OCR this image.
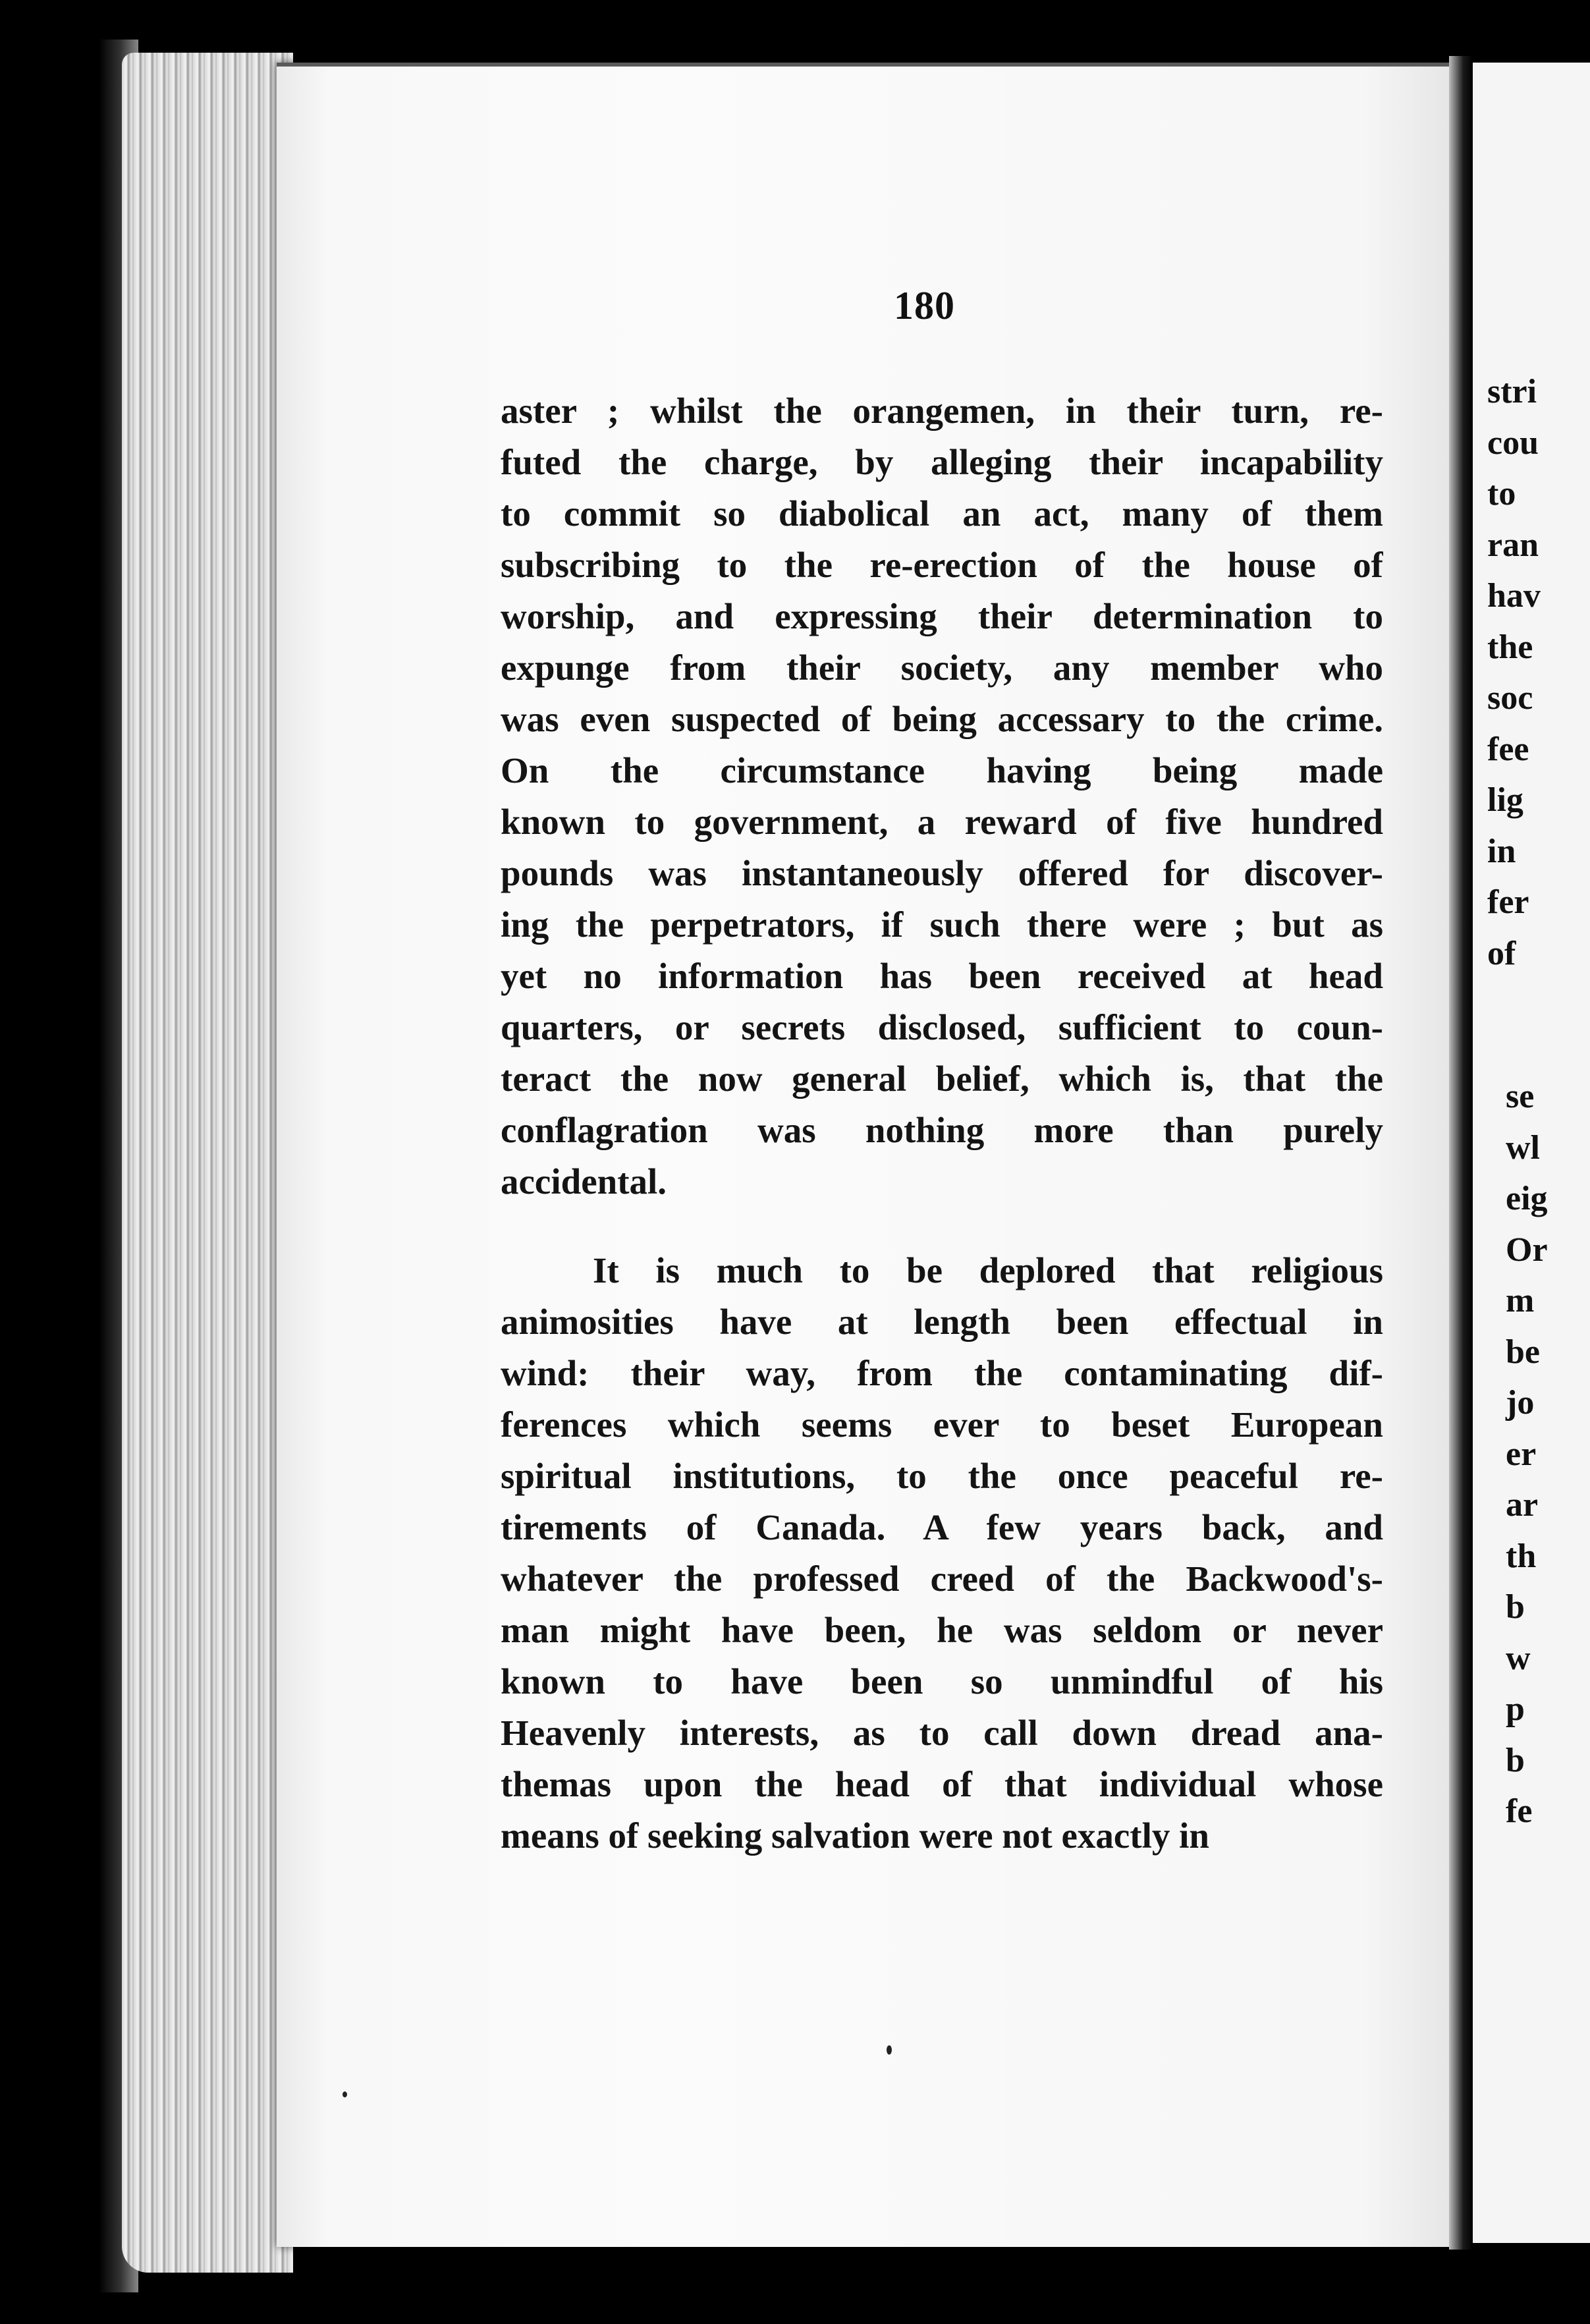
stri
cou
to
ran
hav
the
soc
fee
lig
in
fer
of
se
wl
eig
Or
m
be
jo
er
ar
th
b
w
p
b
fe
180
aster ; whilst the orangemen, in their turn, re-
futed the charge, by alleging their incapability
to commit so diabolical an act, many of them
subscribing to the re-erection of the house of
worship, and expressing their determination to
expunge from their society, any member who
was even suspected of being accessary to the crime.
On the circumstance having being made
known to government, a reward of five hundred
pounds was instantaneously offered for discover-
ing the perpetrators, if such there were ; but as
yet no information has been received at head
quarters, or secrets disclosed, sufficient to coun-
teract the now general belief, which is, that the
conflagration was nothing more than purely
accidental.
It is much to be deplored that religious
animosities have at length been effectual in
wind: their way, from the contaminating dif-
ferences which seems ever to beset European
spiritual institutions, to the once peaceful re-
tirements of Canada. A few years back, and
whatever the professed creed of the Backwood's-
man might have been, he was seldom or never
known to have been so unmindful of his
Heavenly interests, as to call down dread ana-
themas upon the head of that individual whose
means of seeking salvation were not exactly in
